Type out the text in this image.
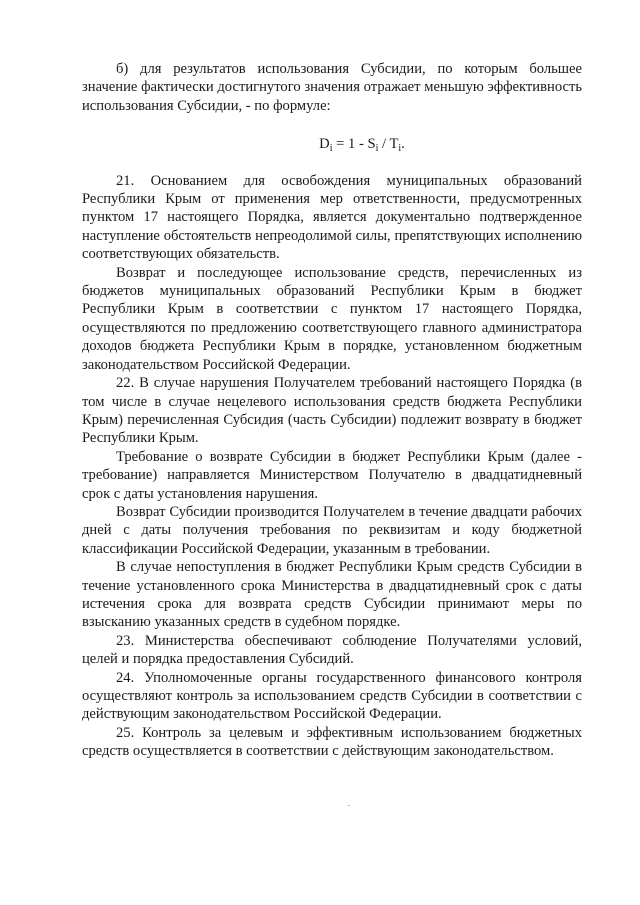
б) для результатов использования Субсидии, по которым большее значение фактически достигнутого значения отражает меньшую эффективность использования Субсидии, - по формуле:

$D_i = 1 - S_i / T_i$.

21. Основанием для освобождения муниципальных образований Республики Крым от применения мер ответственности, предусмотренных пунктом 17 настоящего Порядка, является документально подтвержденное наступление обстоятельств непреодолимой силы, препятствующих исполнению соответствующих обязательств.

Возврат и последующее использование средств, перечисленных из бюджетов муниципальных образований Республики Крым в бюджет Республики Крым в соответствии с пунктом 17 настоящего Порядка, осуществляются по предложению соответствующего главного администратора доходов бюджета Республики Крым в порядке, установленном бюджетным законодательством Российской Федерации.

22. В случае нарушения Получателем требований настоящего Порядка (в том числе в случае нецелевого использования средств бюджета Республики Крым) перечисленная Субсидия (часть Субсидии) подлежит возврату в бюджет Республики Крым.

Требование о возврате Субсидии в бюджет Республики Крым (далее - требование) направляется Министерством Получателю в двадцатидневный срок с даты установления нарушения.

Возврат Субсидии производится Получателем в течение двадцати рабочих дней с даты получения требования по реквизитам и коду бюджетной классификации Российской Федерации, указанным в требовании.

В случае непоступления в бюджет Республики Крым средств Субсидии в течение установленного срока Министерства в двадцатидневный срок с даты истечения срока для возврата средств Субсидии принимают меры по взысканию указанных средств в судебном порядке.

23. Министерства обеспечивают соблюдение Получателями условий, целей и порядка предоставления Субсидий.

24. Уполномоченные органы государственного финансового контроля осуществляют контроль за использованием средств Субсидии в соответствии с действующим законодательством Российской Федерации.

25. Контроль за целевым и эффективным использованием бюджетных средств осуществляется в соответствии с действующим законодательством.
